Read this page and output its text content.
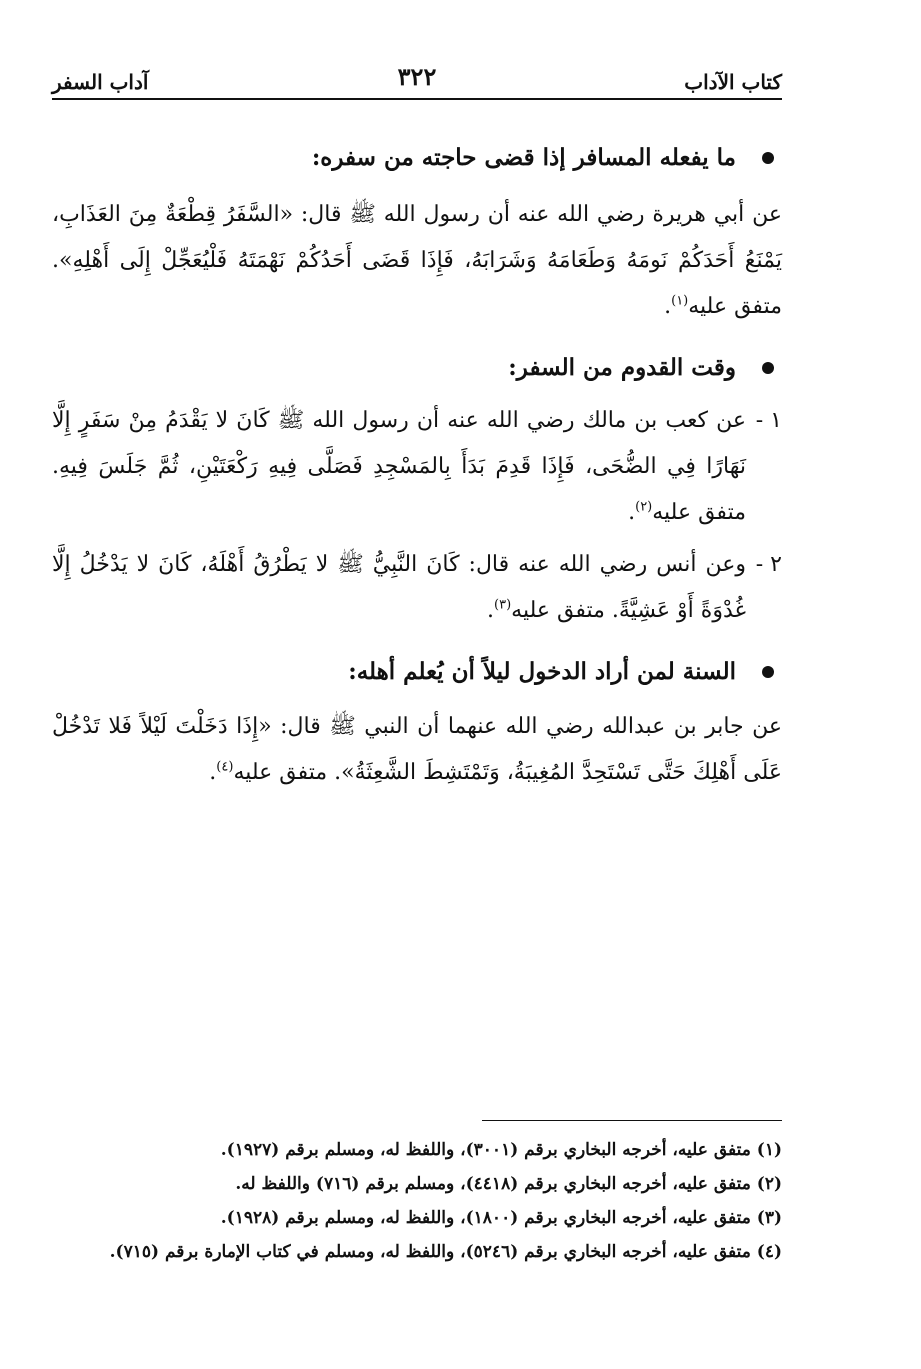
كتاب الآداب
٣٢٢
آداب السفر
ما يفعله المسافر إذا قضى حاجته من سفره:
عن أبي هريرة رضي الله عنه أن رسول الله ﷺ قال: «السَّفَرُ قِطْعَةٌ مِنَ العَذَابِ، يَمْنَعُ أَحَدَكُمْ نَومَهُ وَطَعَامَهُ وَشَرَابَهُ، فَإِذَا قَضَى أَحَدُكُمْ نَهْمَتَهُ فَلْيُعَجِّلْ إِلَى أَهْلِهِ». متفق عليه$^{(١)}$.
وقت القدوم من السفر:
١ -
عن كعب بن مالك رضي الله عنه أن رسول الله ﷺ كَانَ لا يَقْدَمُ مِنْ سَفَرٍ إِلَّا نَهَارًا فِي الضُّحَى، فَإِذَا قَدِمَ بَدَأَ بِالمَسْجِدِ فَصَلَّى فِيهِ رَكْعَتَيْنِ، ثُمَّ جَلَسَ فِيهِ. متفق عليه$^{(٢)}$.
٢ -
وعن أنس رضي الله عنه قال: كَانَ النَّبِيُّ ﷺ لا يَطْرُقُ أَهْلَهُ، كَانَ لا يَدْخُلُ إِلَّا غُدْوَةً أَوْ عَشِيَّةً. متفق عليه$^{(٣)}$.
السنة لمن أراد الدخول ليلاً أن يُعلم أهله:
عن جابر بن عبدالله رضي الله عنهما أن النبي ﷺ قال: «إِذَا دَخَلْتَ لَيْلاً فَلا تَدْخُلْ عَلَى أَهْلِكَ حَتَّى تَسْتَحِدَّ المُغِيبَةُ، وَتَمْتَشِطَ الشَّعِثَةُ». متفق عليه$^{(٤)}$.
(١) متفق عليه، أخرجه البخاري برقم (٣٠٠١)، واللفظ له، ومسلم برقم (١٩٢٧).
(٢) متفق عليه، أخرجه البخاري برقم (٤٤١٨)، ومسلم برقم (٧١٦) واللفظ له.
(٣) متفق عليه، أخرجه البخاري برقم (١٨٠٠)، واللفظ له، ومسلم برقم (١٩٢٨).
(٤) متفق عليه، أخرجه البخاري برقم (٥٢٤٦)، واللفظ له، ومسلم في كتاب الإمارة برقم (٧١٥).
